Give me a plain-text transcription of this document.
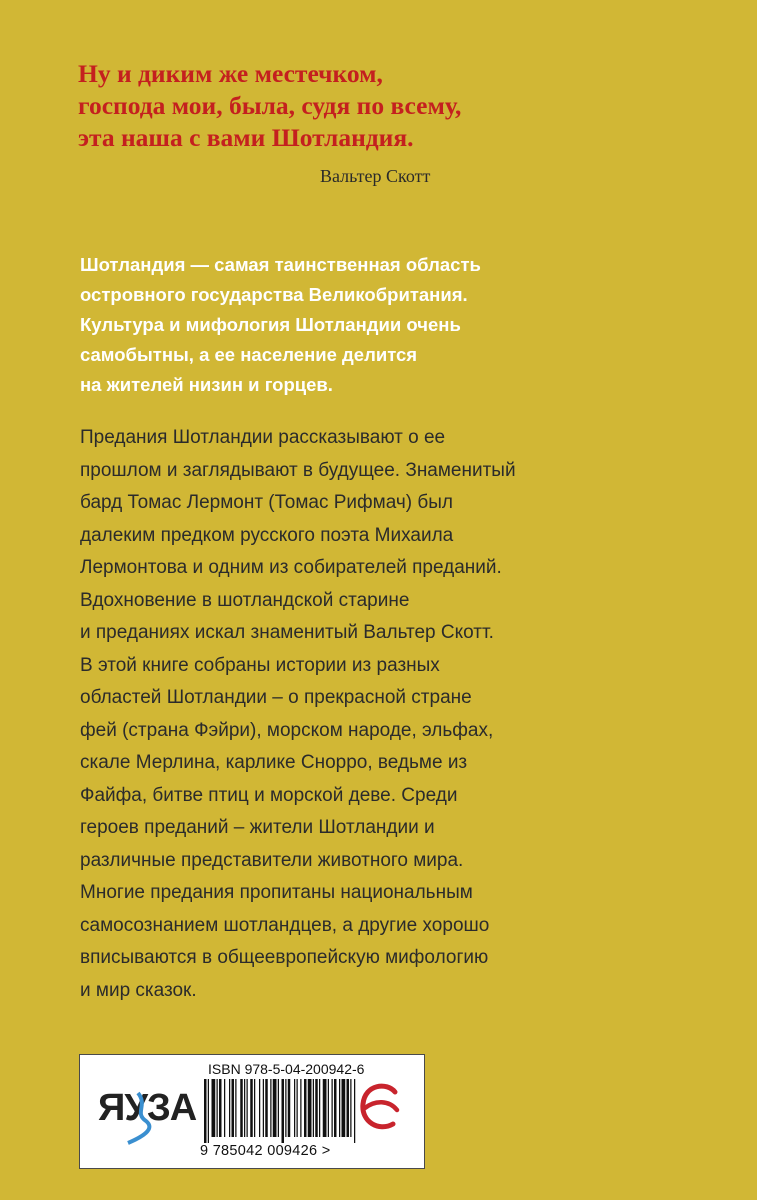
Ну и диким же местечком,
господа мои, была, судя по всему,
эта наша с вами Шотландия.
Вальтер Скотт
Шотландия — самая таинственная область
островного государства Великобритания.
Культура и мифология Шотландии очень
самобытны, а ее население делится
на жителей низин и горцев.
Предания Шотландии рассказывают о ее
прошлом и заглядывают в будущее. Знаменитый
бард Томас Лермонт (Томас Рифмач) был
далеким предком русского поэта Михаила
Лермонтова и одним из собирателей преданий.
Вдохновение в шотландской старине
и преданиях искал знаменитый Вальтер Скотт.
В этой книге собраны истории из разных
областей Шотландии – о прекрасной стране
фей (страна Фэйри), морском народе, эльфах,
скале Мерлина, карлике Снорро, ведьме из
Файфа, битве птиц и морской деве. Среди
героев преданий – жители Шотландии и
различные представители животного мира.
Многие предания пропитаны национальным
самосознанием шотландцев, а другие хорошо
вписываются в общеевропейскую мифологию
и мир сказок.
ЯУЗА
ISBN 978-5-04-200942-6
9 785042 009426 >
